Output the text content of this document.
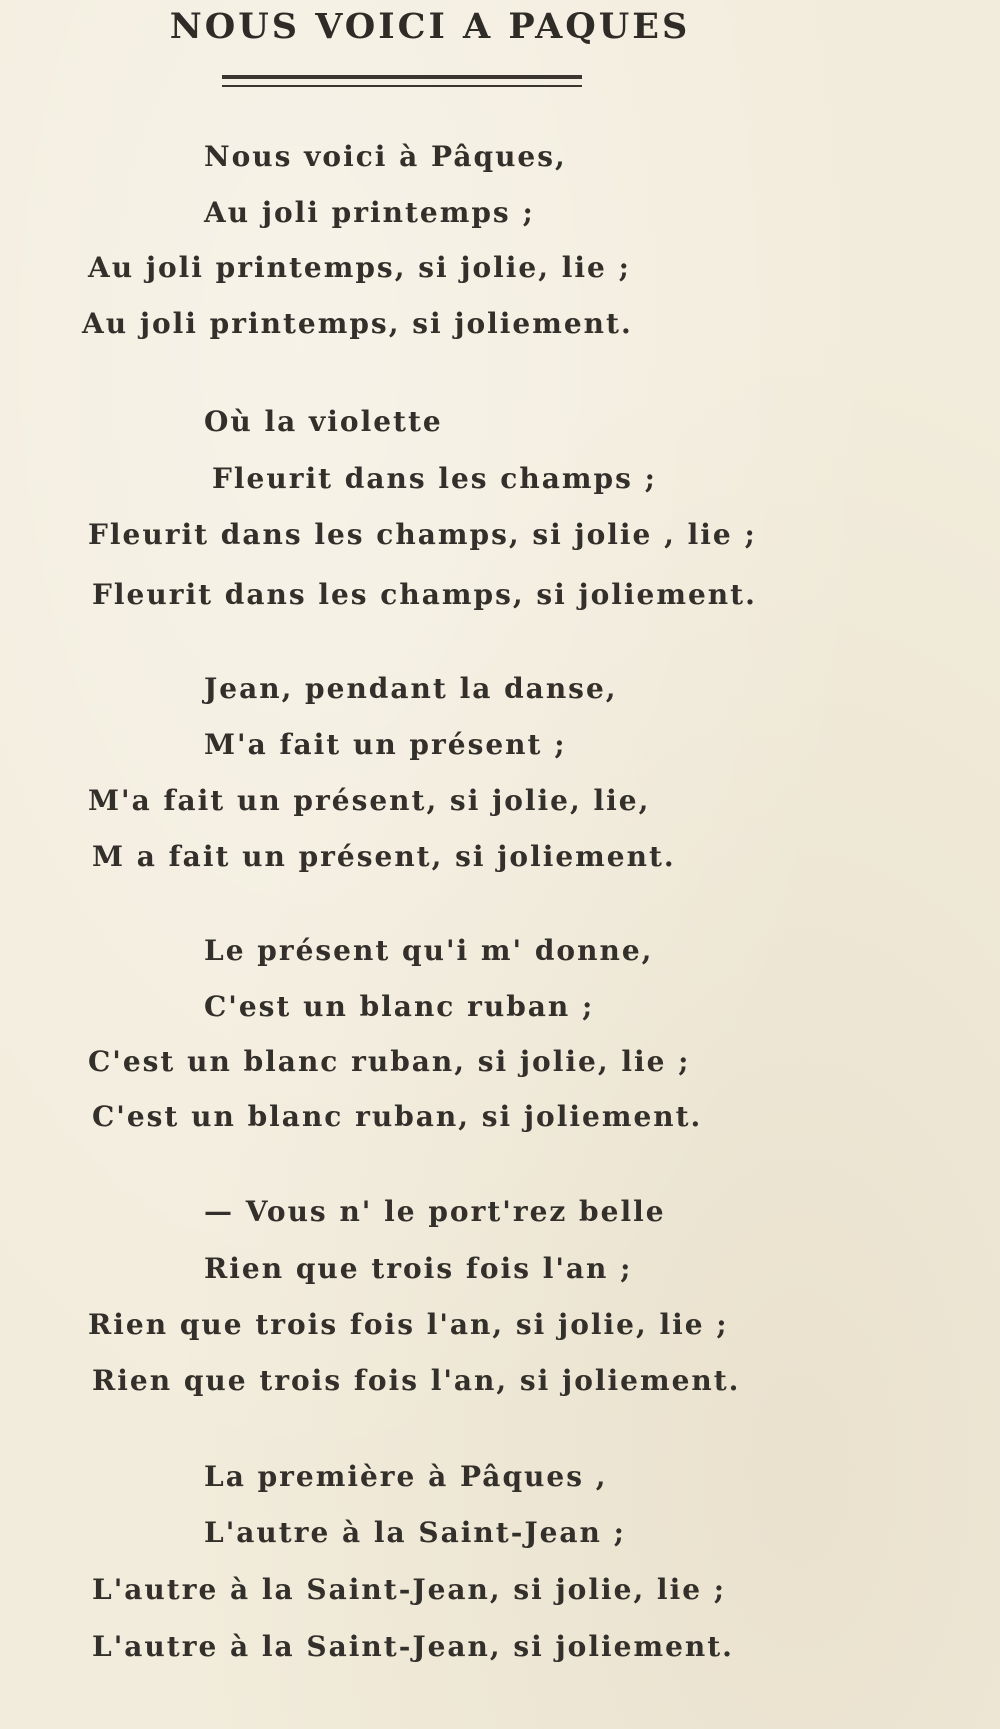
NOUS VOICI A PAQUES
Nous voici à Pâques,
Au joli printemps ;
Au joli printemps, si jolie, lie ;
Au joli printemps, si joliement.
Où la violette
Fleurit dans les champs ;
Fleurit dans les champs, si jolie , lie ;
Fleurit dans les champs, si joliement.
Jean, pendant la danse,
M'a fait un présent ;
M'a fait un présent, si jolie, lie,
M a fait un présent, si joliement.
Le présent qu'i m' donne,
C'est un blanc ruban ;
C'est un blanc ruban, si jolie, lie ;
C'est un blanc ruban, si joliement.
— Vous n' le port'rez belle
Rien que trois fois l'an ;
Rien que trois fois l'an, si jolie, lie ;
Rien que trois fois l'an, si joliement.
La première à Pâques ,
L'autre à la Saint-Jean ;
L'autre à la Saint-Jean, si jolie, lie ;
L'autre à la Saint-Jean, si joliement.
